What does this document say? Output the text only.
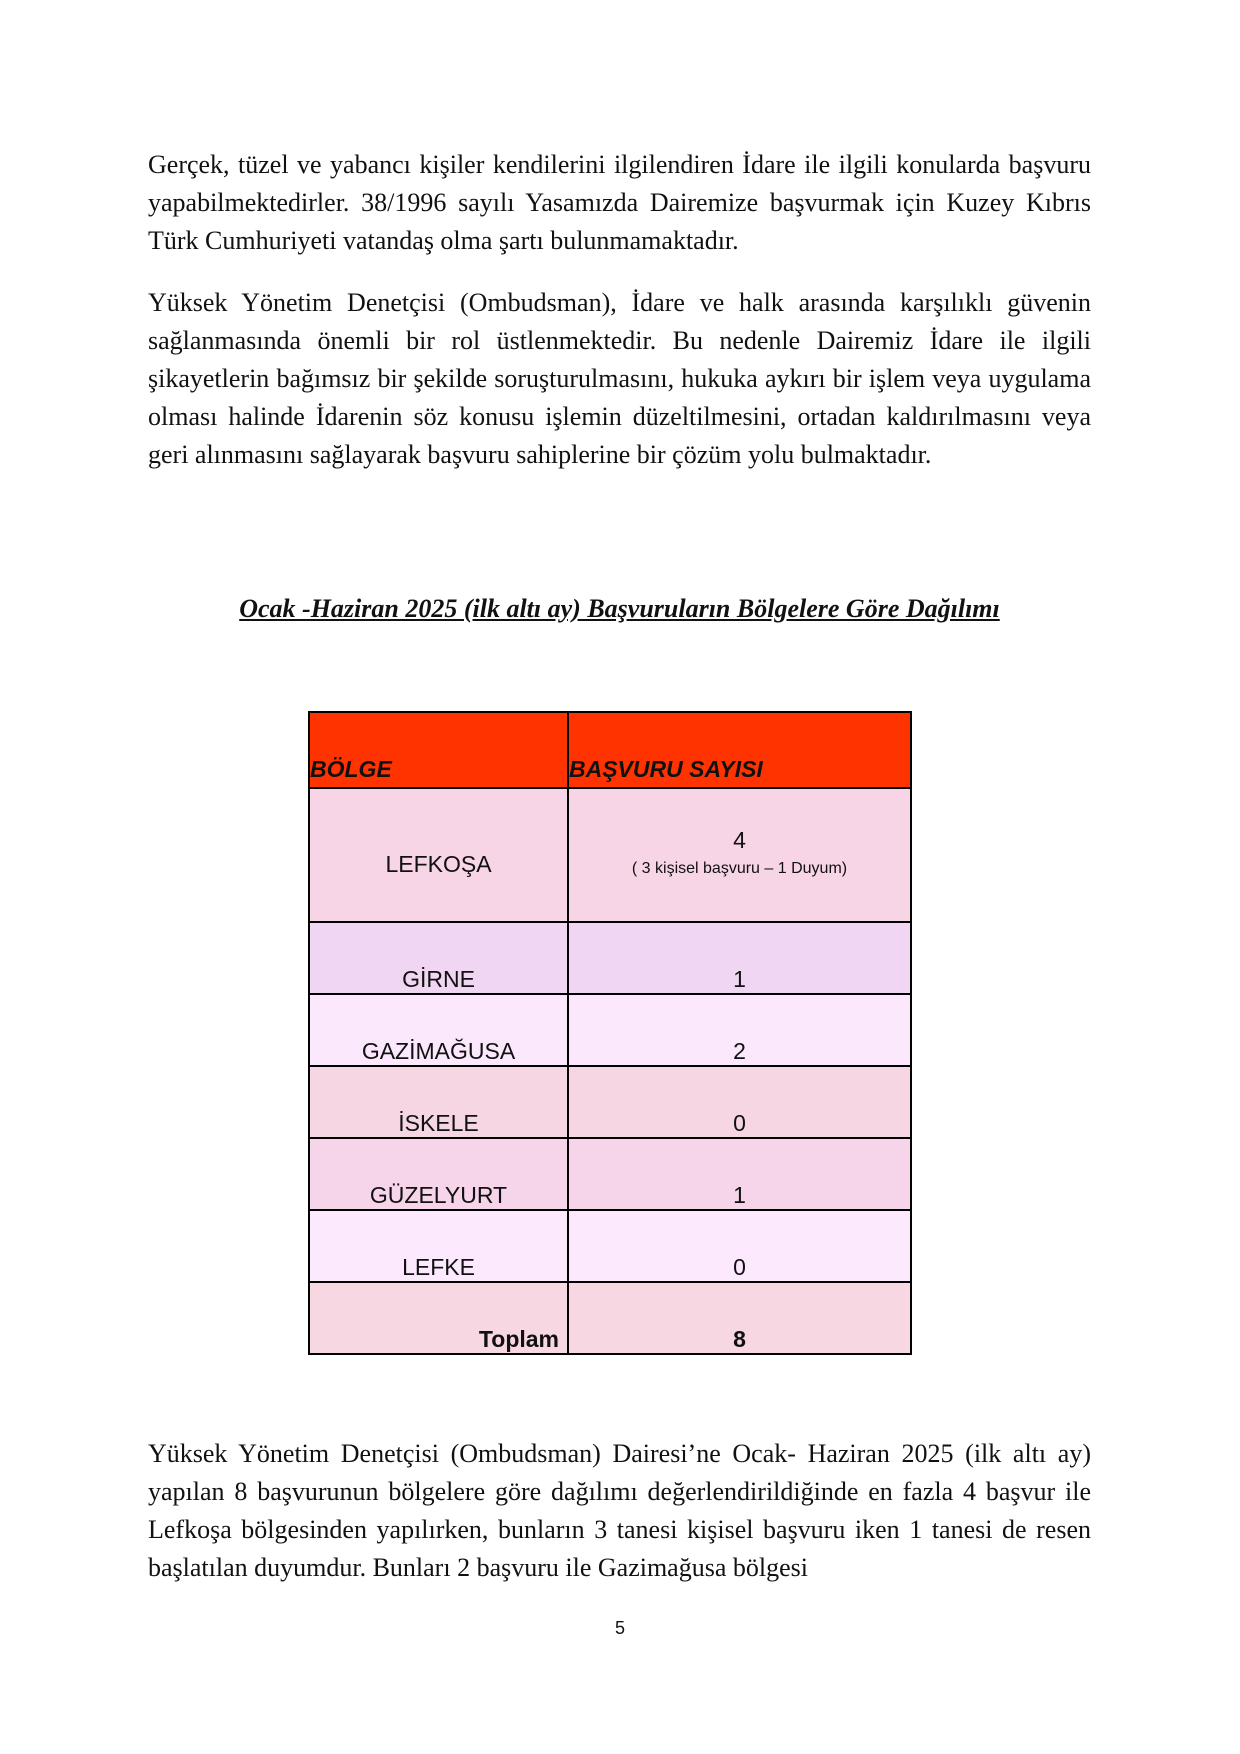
Gerçek, tüzel ve yabancı kişiler kendilerini ilgilendiren İdare ile ilgili konularda başvuru yapabilmektedirler. 38/1996 sayılı Yasamızda Dairemize başvurmak için Kuzey Kıbrıs Türk Cumhuriyeti vatandaş olma şartı bulunmamaktadır.

Yüksek Yönetim Denetçisi (Ombudsman), İdare ve halk arasında karşılıklı güvenin sağlanmasında önemli bir rol üstlenmektedir. Bu nedenle Dairemiz İdare ile ilgili şikayetlerin bağımsız bir şekilde soruşturulmasını, hukuka aykırı bir işlem veya uygulama olması halinde İdarenin söz konusu işlemin düzeltilmesini, ortadan kaldırılmasını veya geri alınmasını sağlayarak başvuru sahiplerine bir çözüm yolu bulmaktadır.

Ocak -Haziran 2025 (ilk altı ay) Başvuruların Bölgelere Göre Dağılımı

BÖLGE	BAŞVURU SAYISI
LEFKOŞA	4
( 3 kişisel başvuru – 1 Duyum)

GİRNE	1
GAZİMAĞUSA	2
İSKELE	0
GÜZELYURT	1
LEFKE	0
Toplam	8

Yüksek Yönetim Denetçisi (Ombudsman) Dairesi’ne Ocak- Haziran 2025 (ilk altı ay) yapılan 8 başvurunun bölgelere göre dağılımı değerlendirildiğinde en fazla 4 başvur ile Lefkoşa bölgesinden yapılırken, bunların 3 tanesi kişisel başvuru iken 1 tanesi de resen başlatılan duyumdur. Bunları 2 başvuru ile Gazimağusa bölgesi

5
